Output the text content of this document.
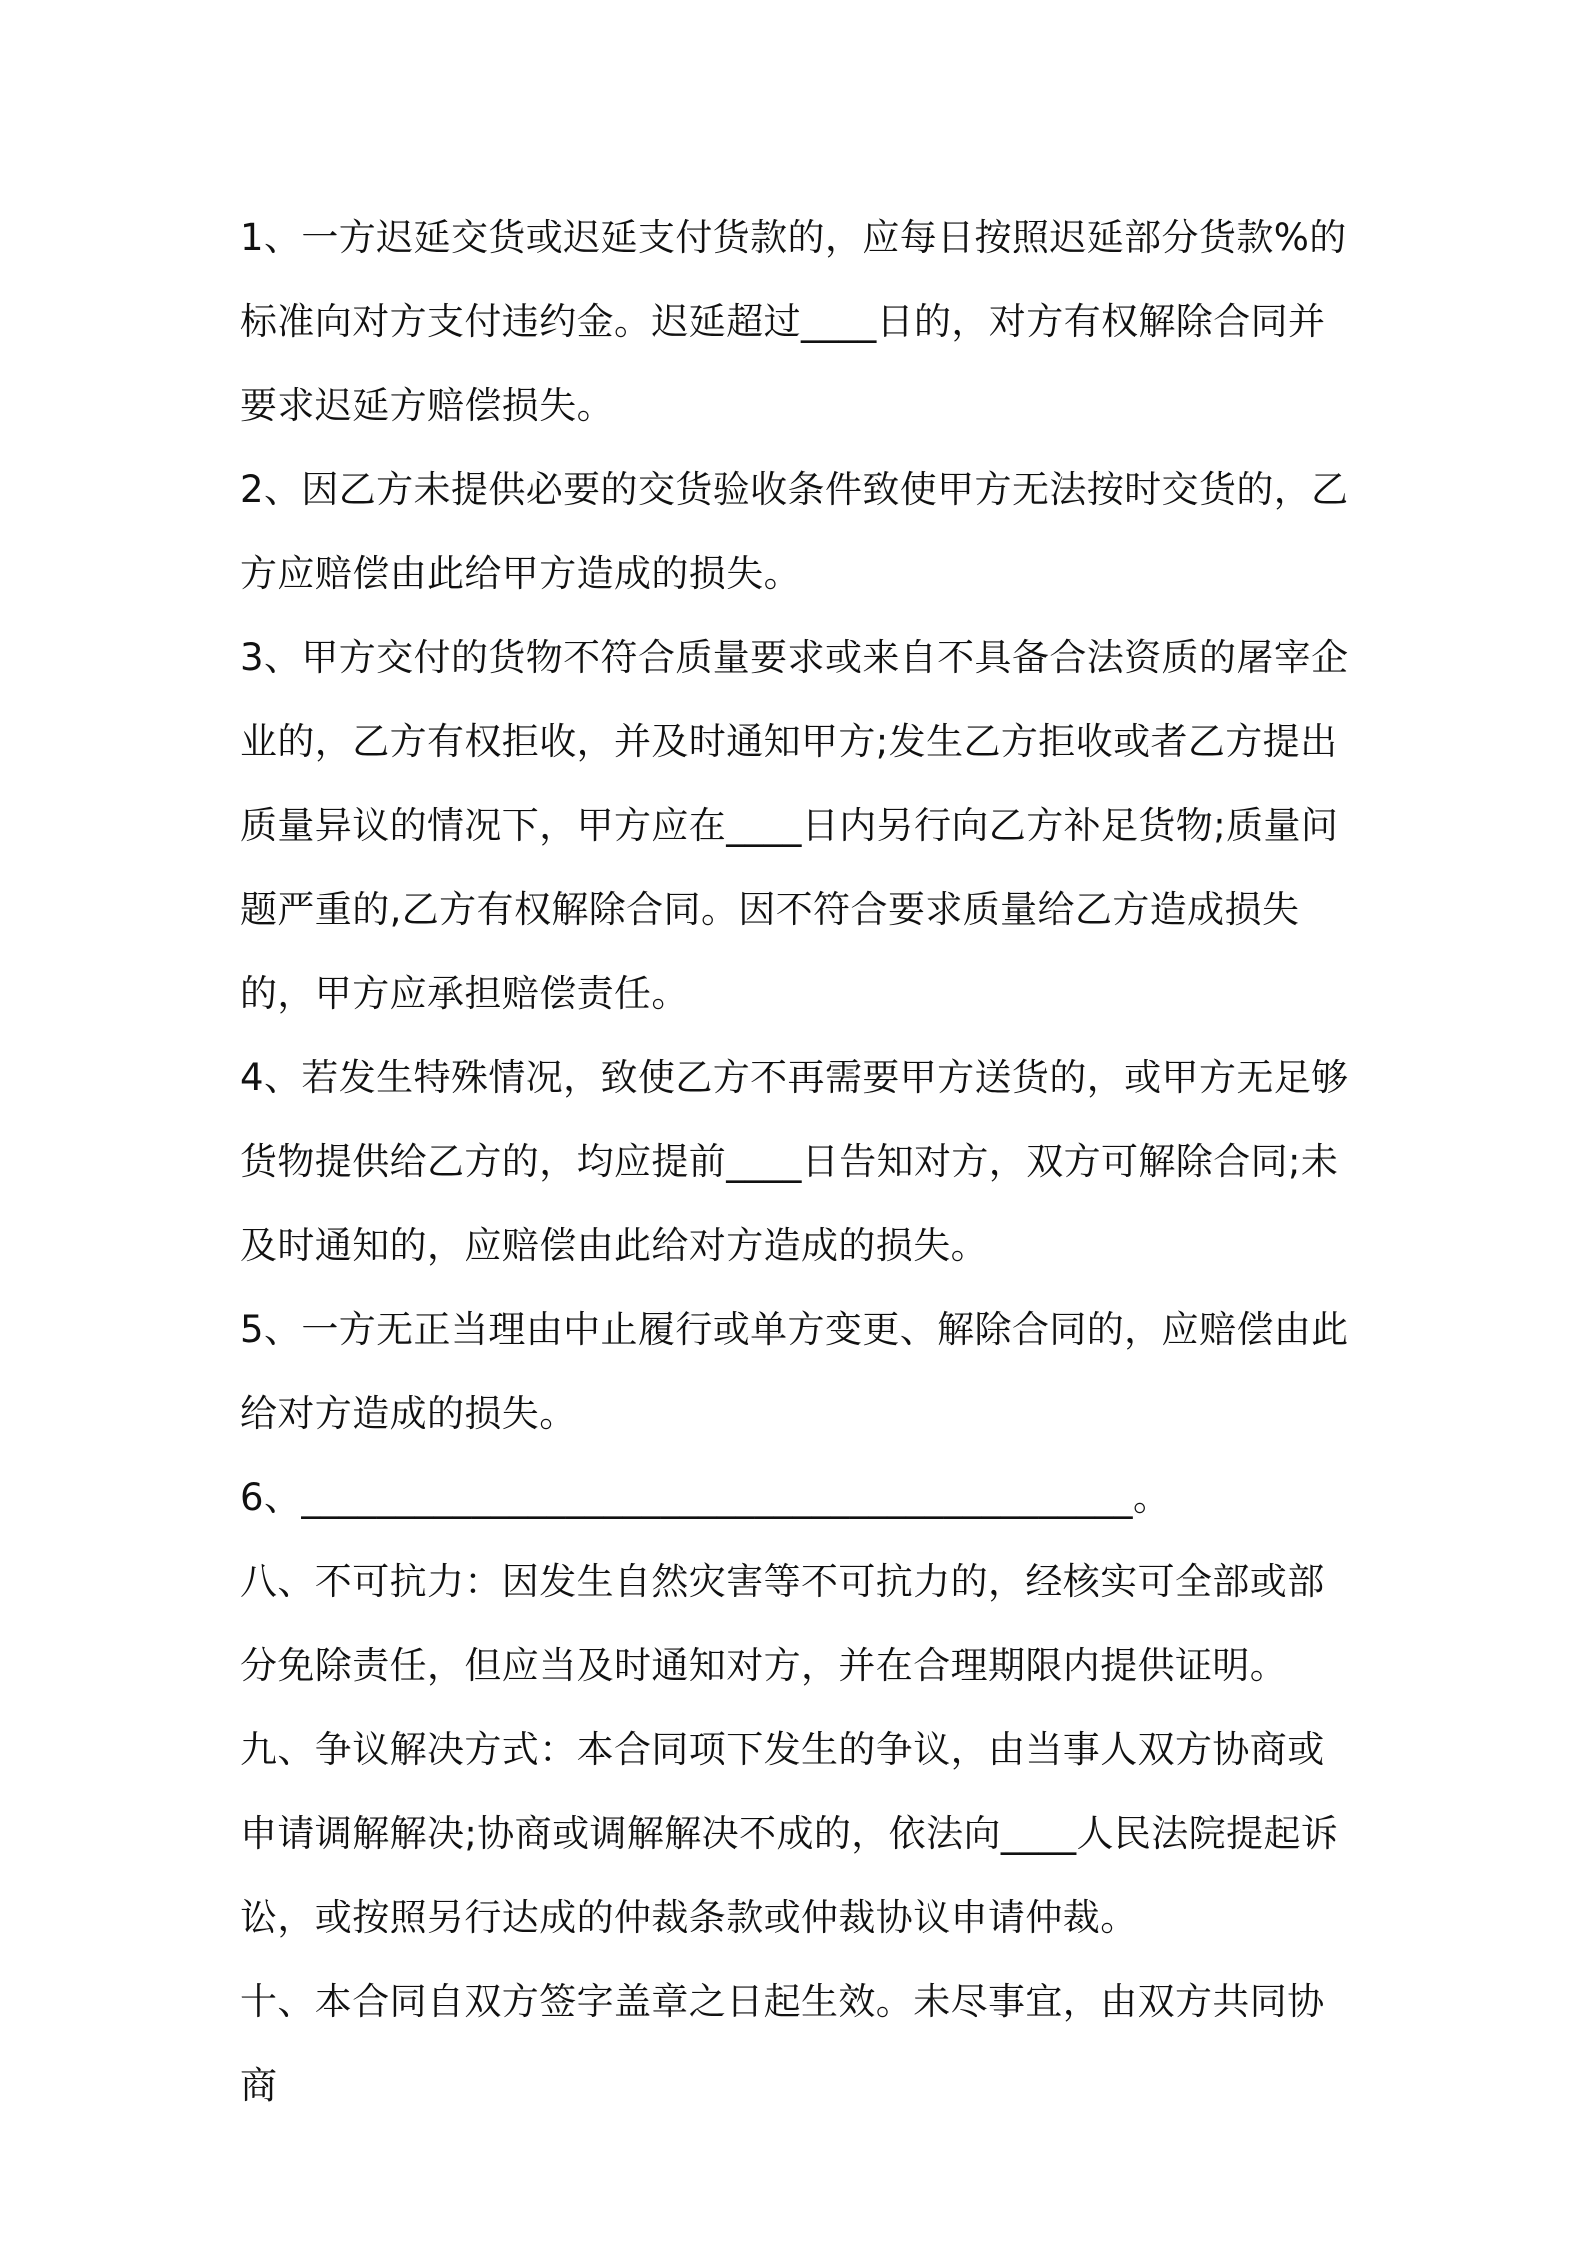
1、一方迟延交货或迟延支付货款的，应每日按照迟延部分货款%的标准向对方支付违约金。迟延超过____日的，对方有权解除合同并要求迟延方赔偿损失。

2、因乙方未提供必要的交货验收条件致使甲方无法按时交货的，乙方应赔偿由此给甲方造成的损失。

3、甲方交付的货物不符合质量要求或来自不具备合法资质的屠宰企业的，乙方有权拒收，并及时通知甲方;发生乙方拒收或者乙方提出质量异议的情况下，甲方应在____日内另行向乙方补足货物;质量问题严重的,乙方有权解除合同。因不符合要求质量给乙方造成损失的，甲方应承担赔偿责任。

4、若发生特殊情况，致使乙方不再需要甲方送货的，或甲方无足够货物提供给乙方的，均应提前____日告知对方，双方可解除合同;未及时通知的，应赔偿由此给对方造成的损失。

5、一方无正当理由中止履行或单方变更、解除合同的，应赔偿由此给对方造成的损失。

6、____________________________________________。

八、不可抗力：因发生自然灾害等不可抗力的，经核实可全部或部分免除责任，但应当及时通知对方，并在合理期限内提供证明。

九、争议解决方式：本合同项下发生的争议，由当事人双方协商或申请调解解决;协商或调解解决不成的，依法向____人民法院提起诉讼，或按照另行达成的仲裁条款或仲裁协议申请仲裁。

十、本合同自双方签字盖章之日起生效。未尽事宜，由双方共同协商
